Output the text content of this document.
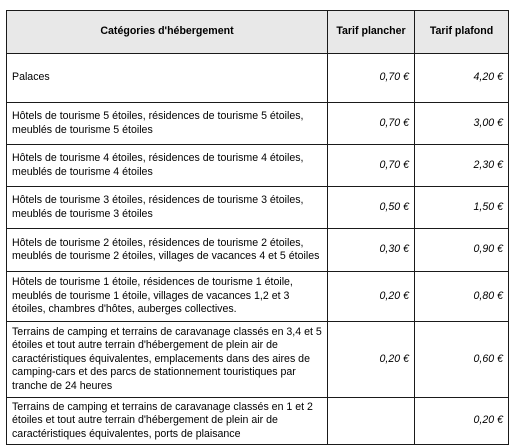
Catégories d'hébergement	Tarif plancher	Tarif plafond
Palaces	0,70 €	4,20 €
Hôtels de tourisme 5 étoiles, résidences de tourisme 5 étoiles, meublés de tourisme 5 étoiles	0,70 €	3,00 €
Hôtels de tourisme 4 étoiles, résidences de tourisme 4 étoiles, meublés de tourisme 4 étoiles	0,70 €	2,30 €
Hôtels de tourisme 3 étoiles, résidences de tourisme 3 étoiles, meublés de tourisme 3 étoiles	0,50 €	1,50 €
Hôtels de tourisme 2 étoiles, résidences de tourisme 2 étoiles, meublés de tourisme 2 étoiles, villages de vacances 4 et 5 étoiles	0,30 €	0,90 €
Hôtels de tourisme 1 étoile, résidences de tourisme 1 étoile, meublés de tourisme 1 étoile, villages de vacances 1,2 et 3 étoiles, chambres d'hôtes, auberges collectives.	0,20 €	0,80 €
Terrains de camping et terrains de caravanage classés en 3,4 et 5 étoiles et tout autre terrain d'hébergement de plein air de caractéristiques équivalentes, emplacements dans des aires de camping-cars et des parcs de stationnement touristiques par tranche de 24 heures	0,20 €	0,60 €
Terrains de camping et terrains de caravanage classés en 1 et 2 étoiles et tout autre terrain d'hébergement de plein air de caractéristiques équivalentes, ports de plaisance		0,20 €
